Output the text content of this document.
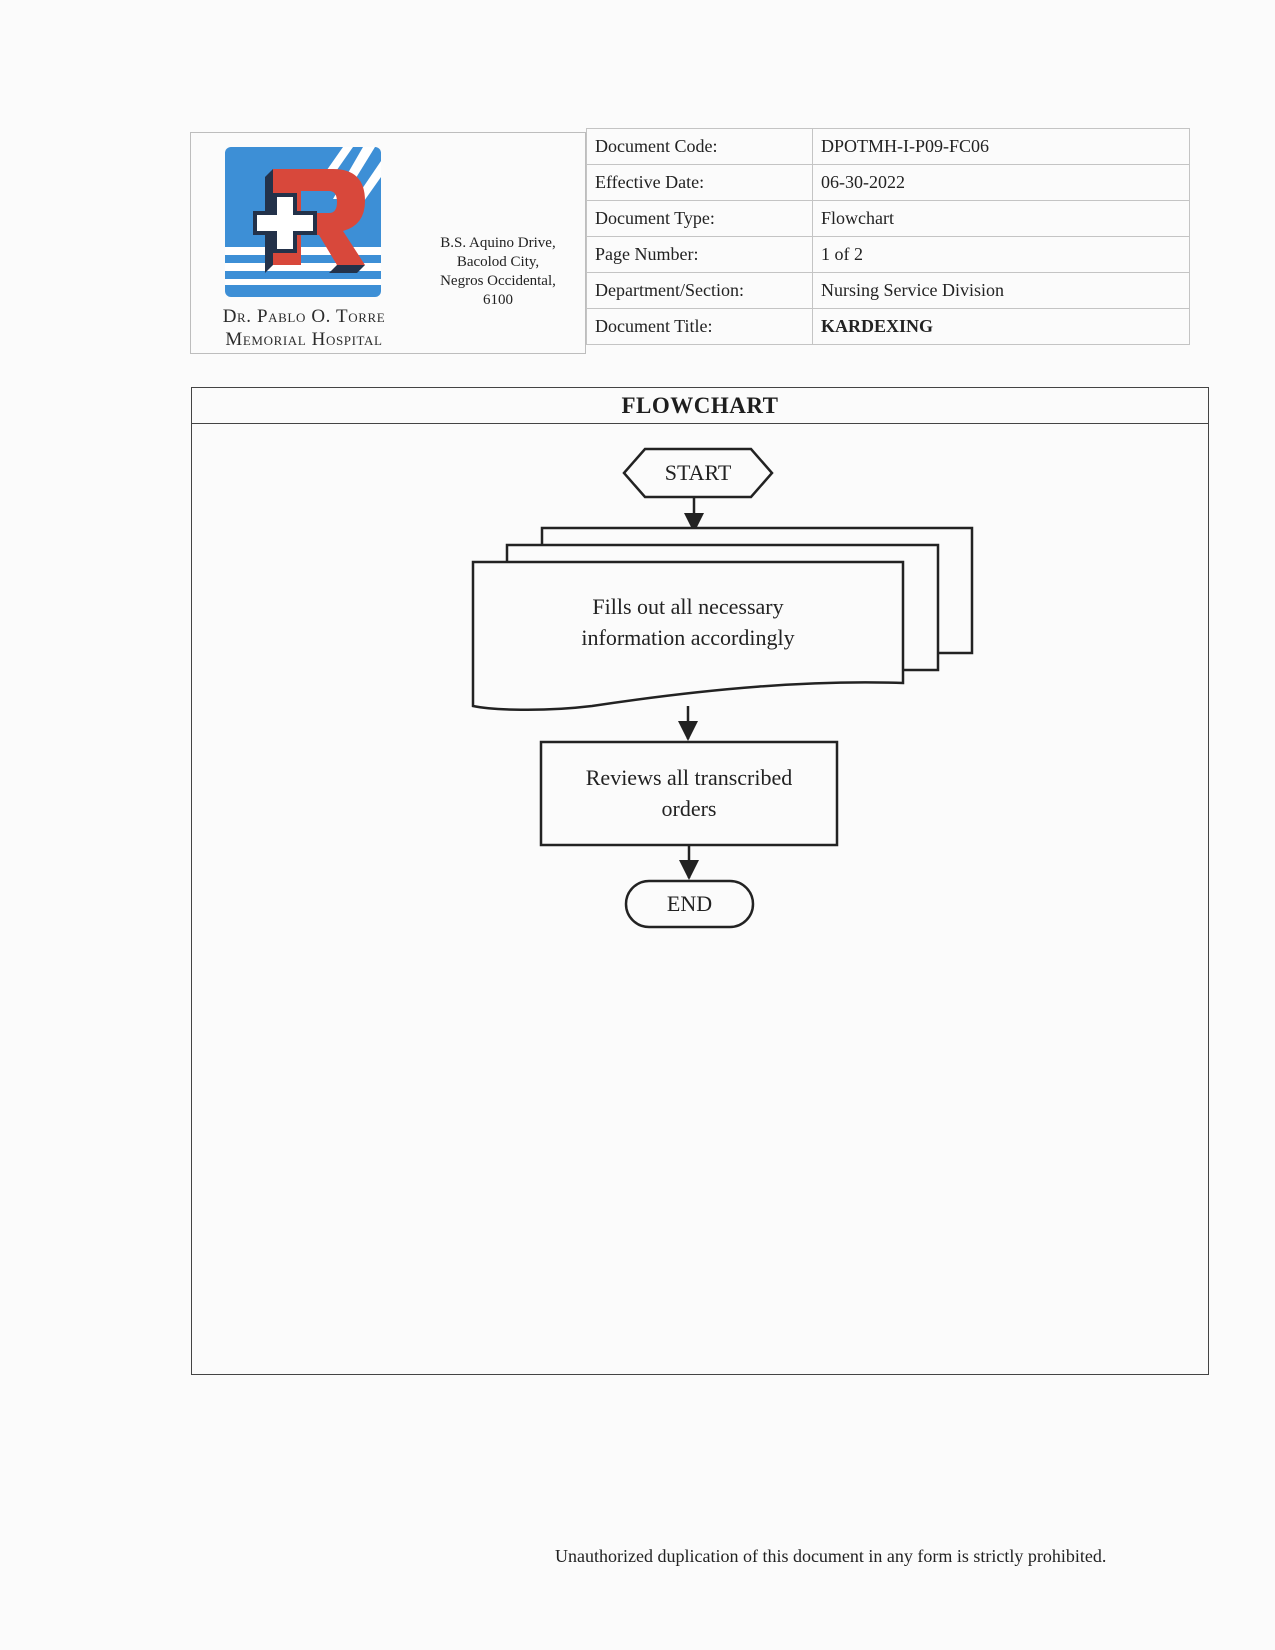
Dr. Pablo O. Torre
Memorial Hospital
B.S. Aquino Drive,
Bacolod City,
Negros Occidental,
6100
Document Code:	DPOTMH-I-P09-FC06
Effective Date:	06-30-2022
Document Type:	Flowchart
Page Number:	1 of 2
Department/Section:	Nursing Service Division
Document Title:	KARDEXING
FLOWCHART
START
Fills out all necessary
information accordingly
Reviews all transcribed
orders
END
Unauthorized duplication of this document in any form is strictly prohibited.
